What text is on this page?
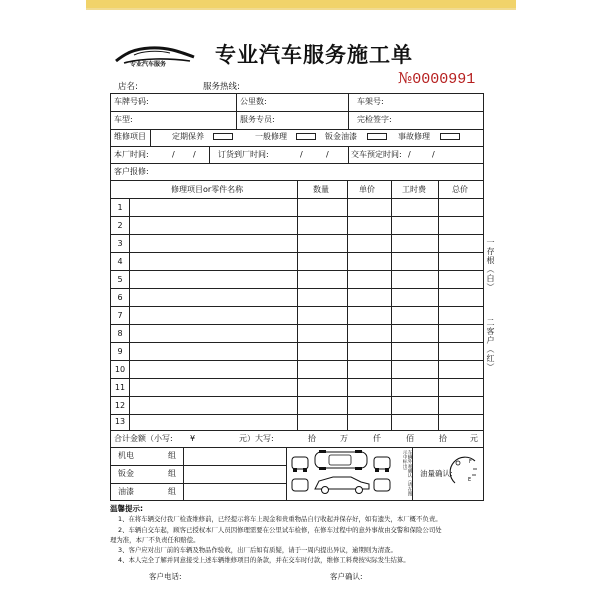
专业汽车服务 专业汽车服务施工单
№0000991
店名:	服务热线:
车牌号码:	公里数:	车架号:
车型:	服务专员:	完检签字:
维修项目	定期保养	一般修理	钣金油漆	事故修理
本厂时间:	/ /	订货到厂时间:	/	/	交车预定时间: /	/
客户报修:
修理项目or零件名称	数量	单价	工时费	总价
1
2
3
4
5
6
7
8
9
10
11
12
13
合计金额（小写: ¥	元）大写:	拾	万	仟	佰	拾	元
机电	组
钣金	组
油漆	组	车辆外观确认（请在图示中标出）
油量确认:
F
E
一存根（白）
二客户（红）
温馨提示:
1、在将车辆交付我厂检查维修前，已经提示将车上现金和贵重物品自行收起并保存好，如有遗失，本厂概不负责。
2、车辆自交车起，顾客已授权本厂人员因修理需要在公里试车检修，在修车过程中的意外事故由交警和保险公司处
理为准，本厂不负责任和赔偿。
3、客户应对出厂前的车辆及物品作验收，出厂后如有质疑，请于一周内提出异议，逾期则为清查。
4、本人完全了解并同意接受上述车辆维修项目的条款，并在交车时付款，维修工料费按实际发生结算。
客户电话:	客户确认:
